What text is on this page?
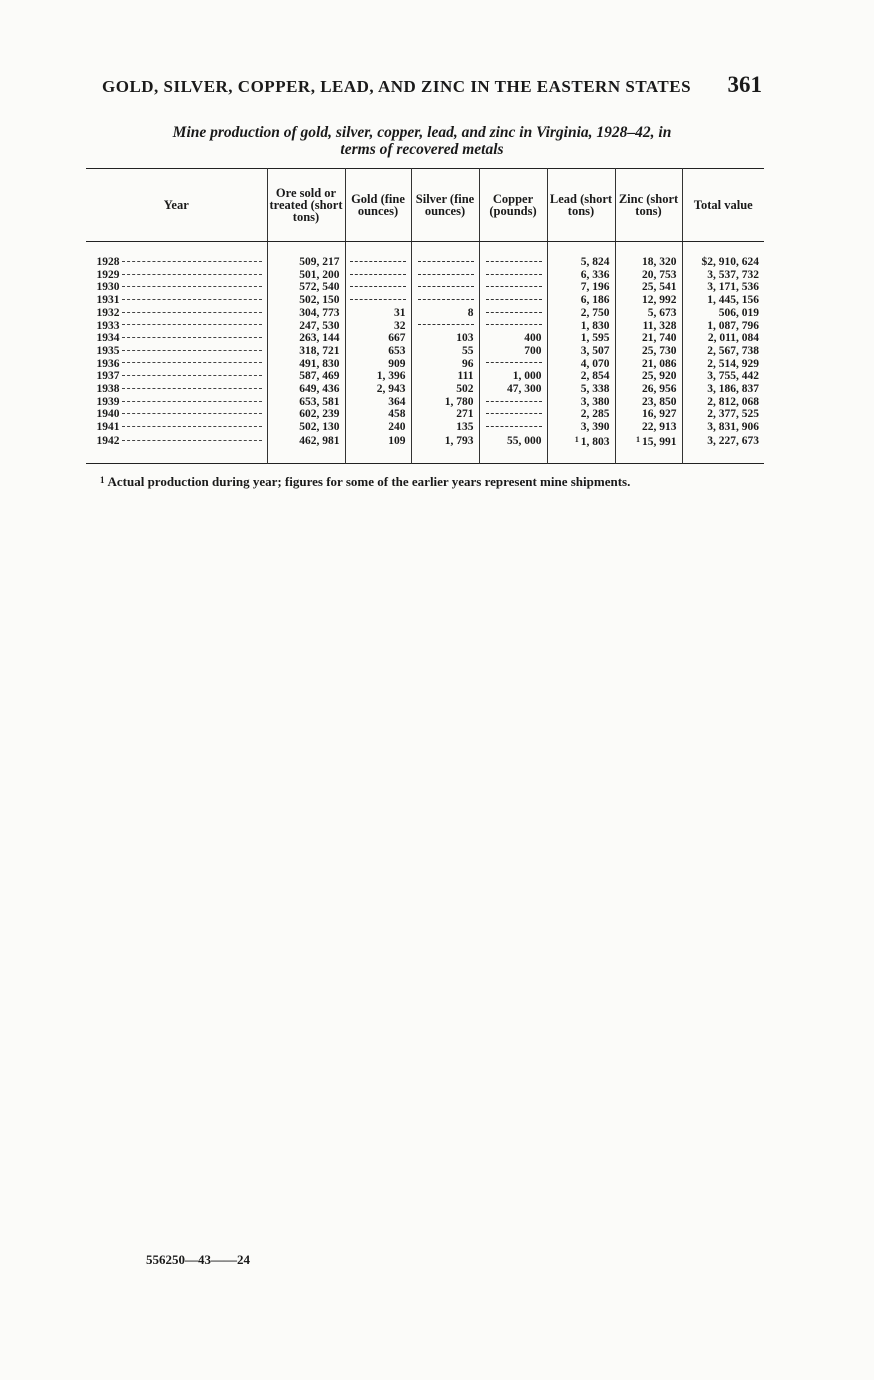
GOLD, SILVER, COPPER, LEAD, AND ZINC IN THE EASTERN STATES 361
Mine production of gold, silver, copper, lead, and zinc in Virginia, 1928–42, in
terms of recovered metals
Year	Ore sold or treated (short tons)	Gold (fine ounces)	Silver (fine ounces)	Copper (pounds)	Lead (short tons)	Zinc (short tons)	Total value
1928	509, 217				5, 824	18, 320	$2, 910, 624
1929	501, 200				6, 336	20, 753	3, 537, 732
1930	572, 540				7, 196	25, 541	3, 171, 536
1931	502, 150				6, 186	12, 992	1, 445, 156
1932	304, 773	31	8		2, 750	5, 673	506, 019
1933	247, 530	32			1, 830	11, 328	1, 087, 796
1934	263, 144	667	103	400	1, 595	21, 740	2, 011, 084
1935	318, 721	653	55	700	3, 507	25, 730	2, 567, 738
1936	491, 830	909	96		4, 070	21, 086	2, 514, 929
1937	587, 469	1, 396	111	1, 000	2, 854	25, 920	3, 755, 442
1938	649, 436	2, 943	502	47, 300	5, 338	26, 956	3, 186, 837
1939	653, 581	364	1, 780		3, 380	23, 850	2, 812, 068
1940	602, 239	458	271		2, 285	16, 927	2, 377, 525
1941	502, 130	240	135		3, 390	22, 913	3, 831, 906
1942	462, 981	109	1, 793	55, 000	$^1$ 1, 803	$^1$ 15, 991	3, 227, 673
$^1$ Actual production during year; figures for some of the earlier years represent mine shipments.
556250—43——24
